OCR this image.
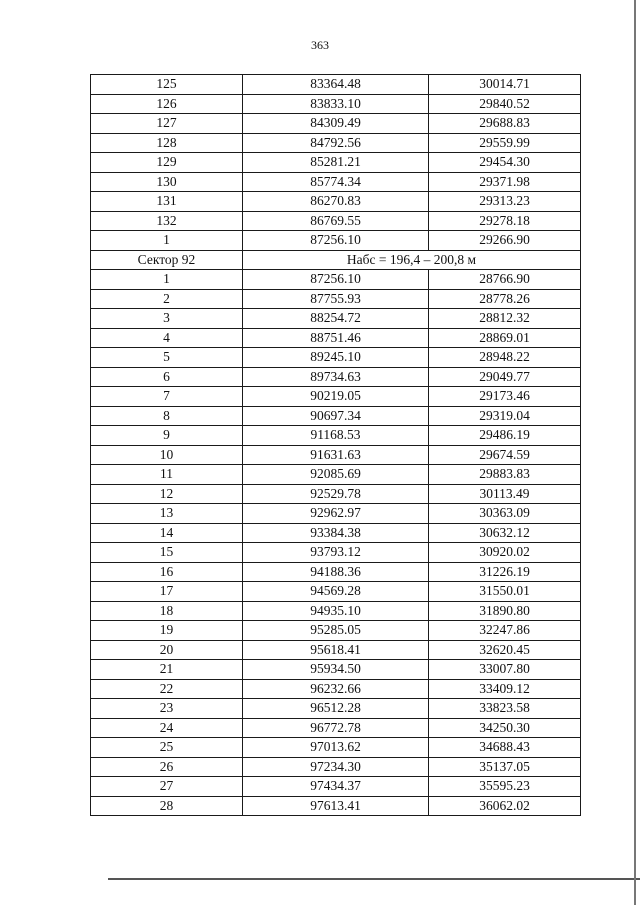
363
125	83364.48	30014.71
126	83833.10	29840.52
127	84309.49	29688.83
128	84792.56	29559.99
129	85281.21	29454.30
130	85774.34	29371.98
131	86270.83	29313.23
132	86769.55	29278.18
1	87256.10	29266.90
Сектор 92	Набс = 196,4 – 200,8 м	
1	87256.10	28766.90
2	87755.93	28778.26
3	88254.72	28812.32
4	88751.46	28869.01
5	89245.10	28948.22
6	89734.63	29049.77
7	90219.05	29173.46
8	90697.34	29319.04
9	91168.53	29486.19
10	91631.63	29674.59
11	92085.69	29883.83
12	92529.78	30113.49
13	92962.97	30363.09
14	93384.38	30632.12
15	93793.12	30920.02
16	94188.36	31226.19
17	94569.28	31550.01
18	94935.10	31890.80
19	95285.05	32247.86
20	95618.41	32620.45
21	95934.50	33007.80
22	96232.66	33409.12
23	96512.28	33823.58
24	96772.78	34250.30
25	97013.62	34688.43
26	97234.30	35137.05
27	97434.37	35595.23
28	97613.41	36062.02
